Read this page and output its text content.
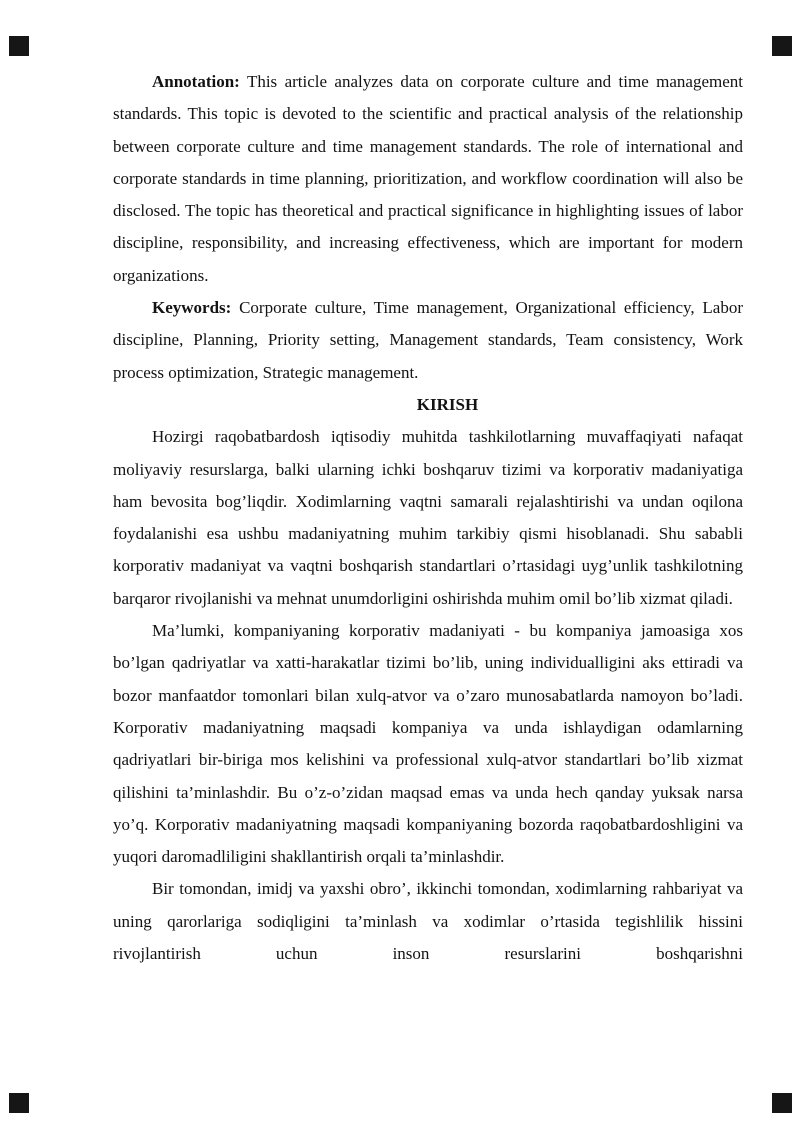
Annotation: This article analyzes data on corporate culture and time management standards. This topic is devoted to the scientific and practical analysis of the relationship between corporate culture and time management standards. The role of international and corporate standards in time planning, prioritization, and workflow coordination will also be disclosed. The topic has theoretical and practical significance in highlighting issues of labor discipline, responsibility, and increasing effectiveness, which are important for modern organizations.

Keywords: Corporate culture, Time management, Organizational efficiency, Labor discipline, Planning, Priority setting, Management standards, Team consistency, Work process optimization, Strategic management.

KIRISH

Hozirgi raqobatbardosh iqtisodiy muhitda tashkilotlarning muvaffaqiyati nafaqat moliyaviy resurslarga, balki ularning ichki boshqaruv tizimi va korporativ madaniyatiga ham bevosita bog’liqdir. Xodimlarning vaqtni samarali rejalashtirishi va undan oqilona foydalanishi esa ushbu madaniyatning muhim tarkibiy qismi hisoblanadi. Shu sababli korporativ madaniyat va vaqtni boshqarish standartlari o’rtasidagi uyg’unlik tashkilotning barqaror rivojlanishi va mehnat unumdorligini oshirishda muhim omil bo’lib xizmat qiladi.

Ma’lumki, kompaniyaning korporativ madaniyati - bu kompaniya jamoasiga xos bo’lgan qadriyatlar va xatti-harakatlar tizimi bo’lib, uning individualligini aks ettiradi va bozor manfaatdor tomonlari bilan xulq-atvor va o’zaro munosabatlarda namoyon bo’ladi. Korporativ madaniyatning maqsadi kompaniya va unda ishlaydigan odamlarning qadriyatlari bir-biriga mos kelishini va professional xulq-atvor standartlari bo’lib xizmat qilishini ta’minlashdir. Bu o’z-o’zidan maqsad emas va unda hech qanday yuksak narsa yo’q. Korporativ madaniyatning maqsadi kompaniyaning bozorda raqobatbardoshligini va yuqori daromadliligini shakllantirish orqali ta’minlashdir.

Bir tomondan, imidj va yaxshi obro’, ikkinchi tomondan, xodimlarning rahbariyat va uning qarorlariga sodiqligini ta’minlash va xodimlar o’rtasida tegishlilik hissini rivojlantirish uchun inson resurslarini boshqarishni
